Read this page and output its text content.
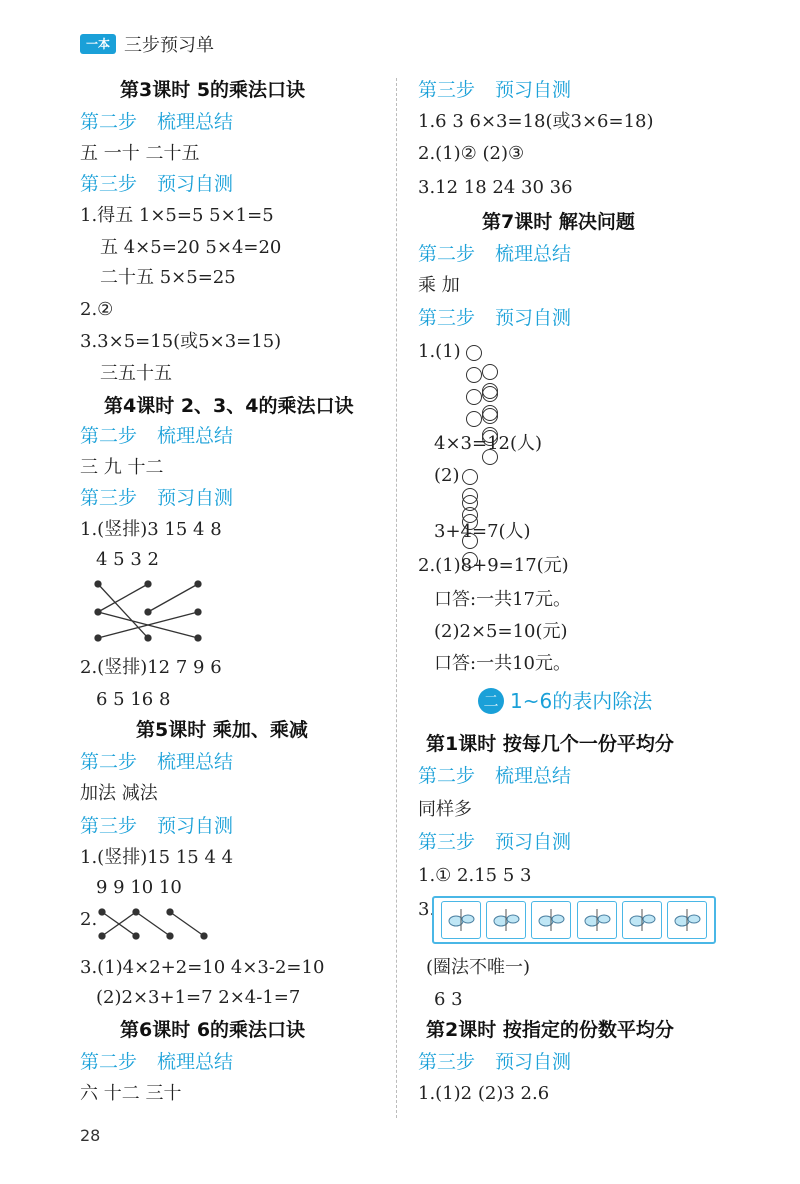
一本 三步预习单
第3课时 5的乘法口诀
第二步 梳理总结
五 一十 二十五
第三步 预习自测
1.得五 1×5=5 5×1=5
五 4×5=20 5×4=20
二十五 5×5=25
2.②
3.3×5=15(或5×3=15)
三五十五
第4课时 2、3、4的乘法口诀
第二步 梳理总结
三 九 十二
第三步 预习自测
1.(竖排)3 15 4 8
4 5 3 2
2.(竖排)12 7 9 6
6 5 16 8
第5课时 乘加、乘减
第二步 梳理总结
加法 减法
第三步 预习自测
1.(竖排)15 15 4 4
9 9 10 10
2.
3.(1)4×2+2=10 4×3-2=10
(2)2×3+1=7 2×4-1=7
第6课时 6的乘法口诀
第二步 梳理总结
六 十二 三十
第三步 预习自测
1.6 3 6×3=18(或3×6=18)
2.(1)② (2)③
3.12 18 24 30 36
第7课时 解决问题
第二步 梳理总结
乘 加
第三步 预习自测
1.(1)
4×3=12(人)
(2)
3+4=7(人)
2.(1)8+9=17(元)
口答:一共17元。
(2)2×5=10(元)
口答:一共10元。
二 1~6的表内除法
第1课时 按每几个一份平均分
第二步 梳理总结
同样多
第三步 预习自测
1.① 2.15 5 3
3.
(圈法不唯一)
6 3
第2课时 按指定的份数平均分
第三步 预习自测
1.(1)2 (2)3 2.6
28
